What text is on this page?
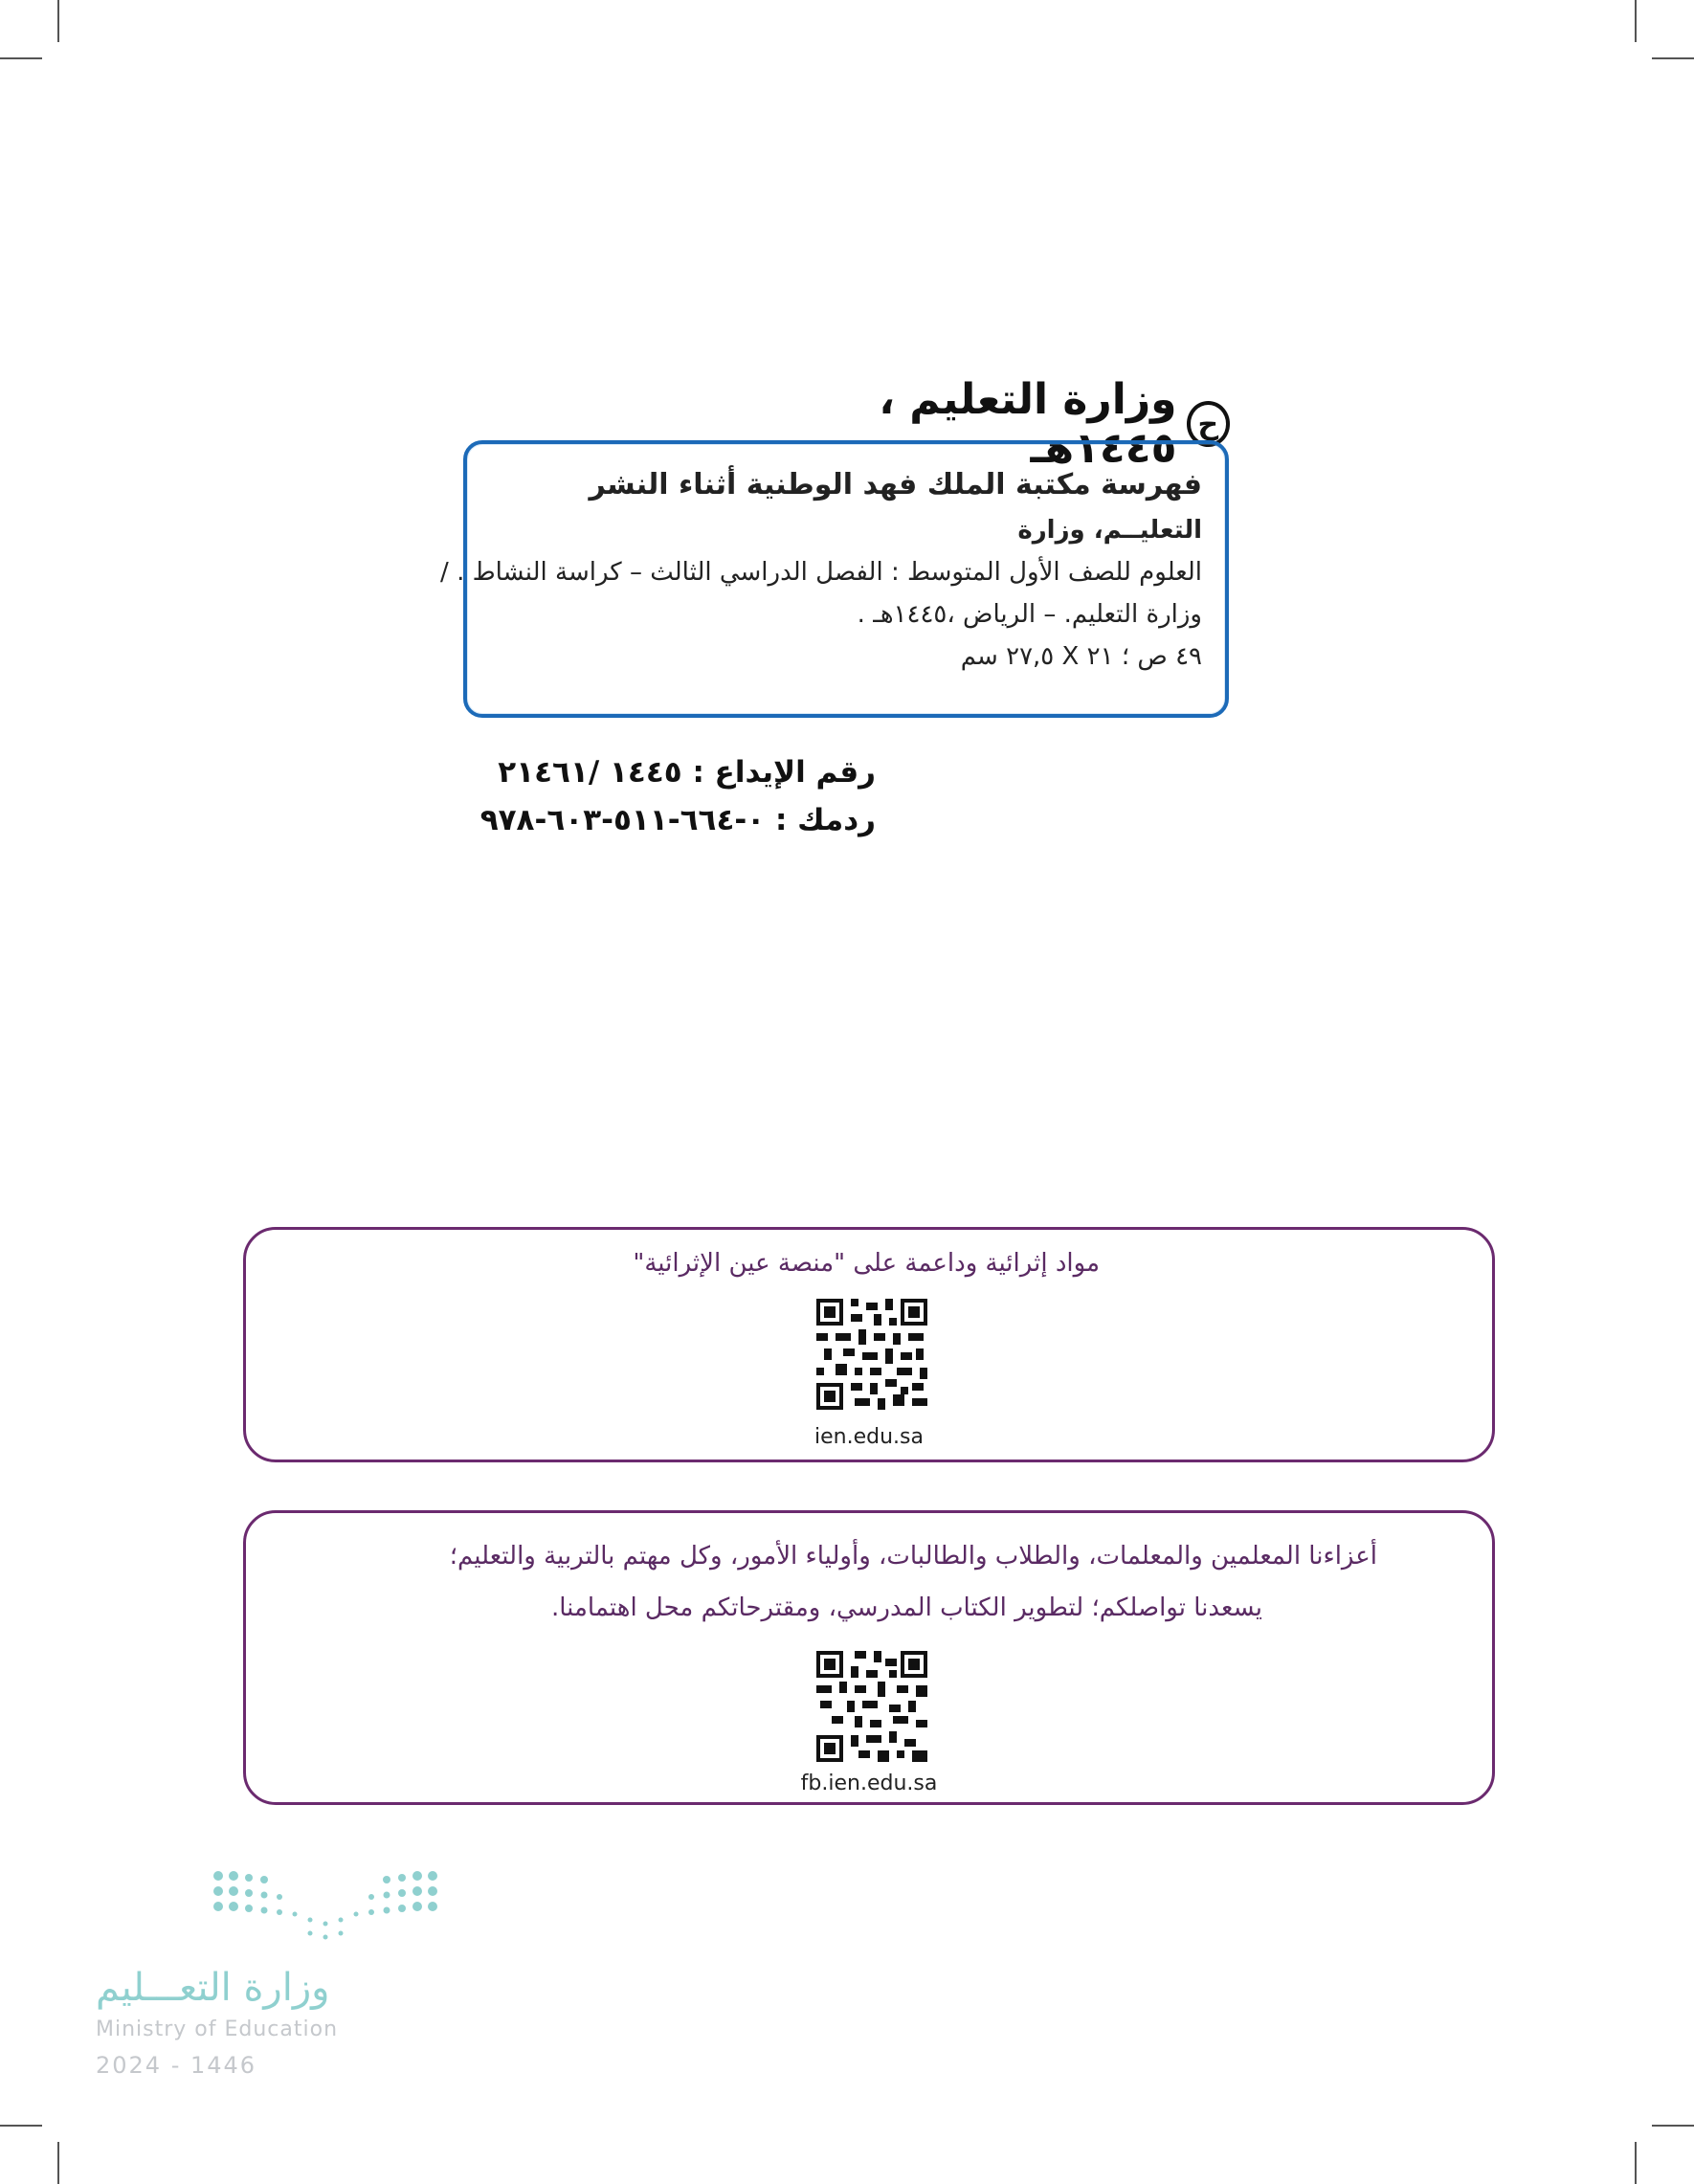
ح
وزارة التعليم ، ١٤٤٥هـ
فهرسة مكتبة الملك فهد الوطنية أثناء النشر
التعليــم، وزارة
العلوم للصف الأول المتوسط : الفصل الدراسي الثالث – كراسة النشاط . /
وزارة التعليم. – الرياض ،١٤٤٥هـ .
٤٩ ص ؛ ٢١ X ٢٧,٥ سم
رقم الإيداع : ١٤٤٥ /٢١٤٦١
ردمك : ٠-٦٦٤-٥١١-٦٠٣-٩٧٨
مواد إثرائية وداعمة على "منصة عين الإثرائية"
ien.edu.sa
أعزاءنا المعلمين والمعلمات، والطلاب والطالبات، وأولياء الأمور، وكل مهتم بالتربية والتعليم؛
يسعدنا تواصلكم؛ لتطوير الكتاب المدرسي، ومقترحاتكم محل اهتمامنا.
fb.ien.edu.sa
وزارة التعـــليم
Ministry of Education
2024 - 1446
